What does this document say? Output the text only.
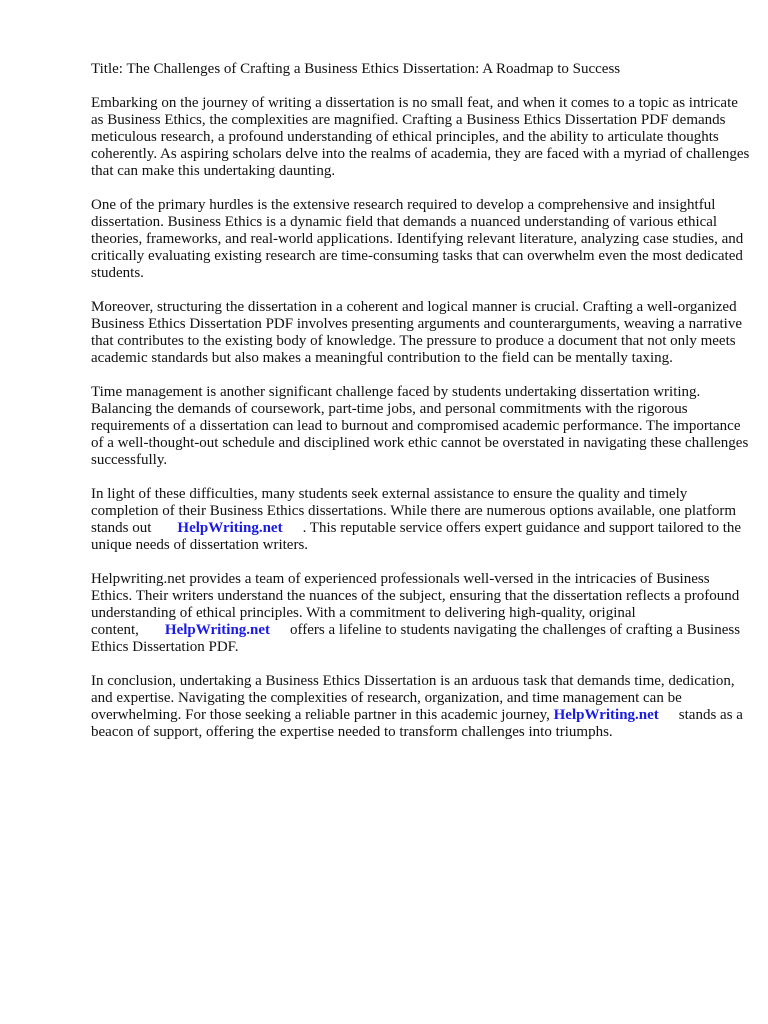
Title: The Challenges of Crafting a Business Ethics Dissertation: A Roadmap to Success

Embarking on the journey of writing a dissertation is no small feat, and when it comes to a topic as intricate as Business Ethics, the complexities are magnified. Crafting a Business Ethics Dissertation PDF demands meticulous research, a profound understanding of ethical principles, and the ability to articulate thoughts coherently. As aspiring scholars delve into the realms of academia, they are faced with a myriad of challenges that can make this undertaking daunting.

One of the primary hurdles is the extensive research required to develop a comprehensive and insightful dissertation. Business Ethics is a dynamic field that demands a nuanced understanding of various ethical theories, frameworks, and real-world applications. Identifying relevant literature, analyzing case studies, and critically evaluating existing research are time-consuming tasks that can overwhelm even the most dedicated students.

Moreover, structuring the dissertation in a coherent and logical manner is crucial. Crafting a well-organized Business Ethics Dissertation PDF involves presenting arguments and counterarguments, weaving a narrative that contributes to the existing body of knowledge. The pressure to produce a document that not only meets academic standards but also makes a meaningful contribution to the field can be mentally taxing.

Time management is another significant challenge faced by students undertaking dissertation writing. Balancing the demands of coursework, part-time jobs, and personal commitments with the rigorous requirements of a dissertation can lead to burnout and compromised academic performance. The importance of a well-thought-out schedule and disciplined work ethic cannot be overstated in navigating these challenges successfully.

In light of these difficulties, many students seek external assistance to ensure the quality and timely completion of their Business Ethics dissertations. While there are numerous options available, one platform stands out HelpWriting.net . This reputable service offers expert guidance and support tailored to the unique needs of dissertation writers.

Helpwriting.net provides a team of experienced professionals well-versed in the intricacies of Business Ethics. Their writers understand the nuances of the subject, ensuring that the dissertation reflects a profound understanding of ethical principles. With a commitment to delivering high-quality, original content, HelpWriting.net offers a lifeline to students navigating the challenges of crafting a Business Ethics Dissertation PDF.

In conclusion, undertaking a Business Ethics Dissertation is an arduous task that demands time, dedication, and expertise. Navigating the complexities of research, organization, and time management can be overwhelming. For those seeking a reliable partner in this academic journey, HelpWriting.net stands as a beacon of support, offering the expertise needed to transform challenges into triumphs.
